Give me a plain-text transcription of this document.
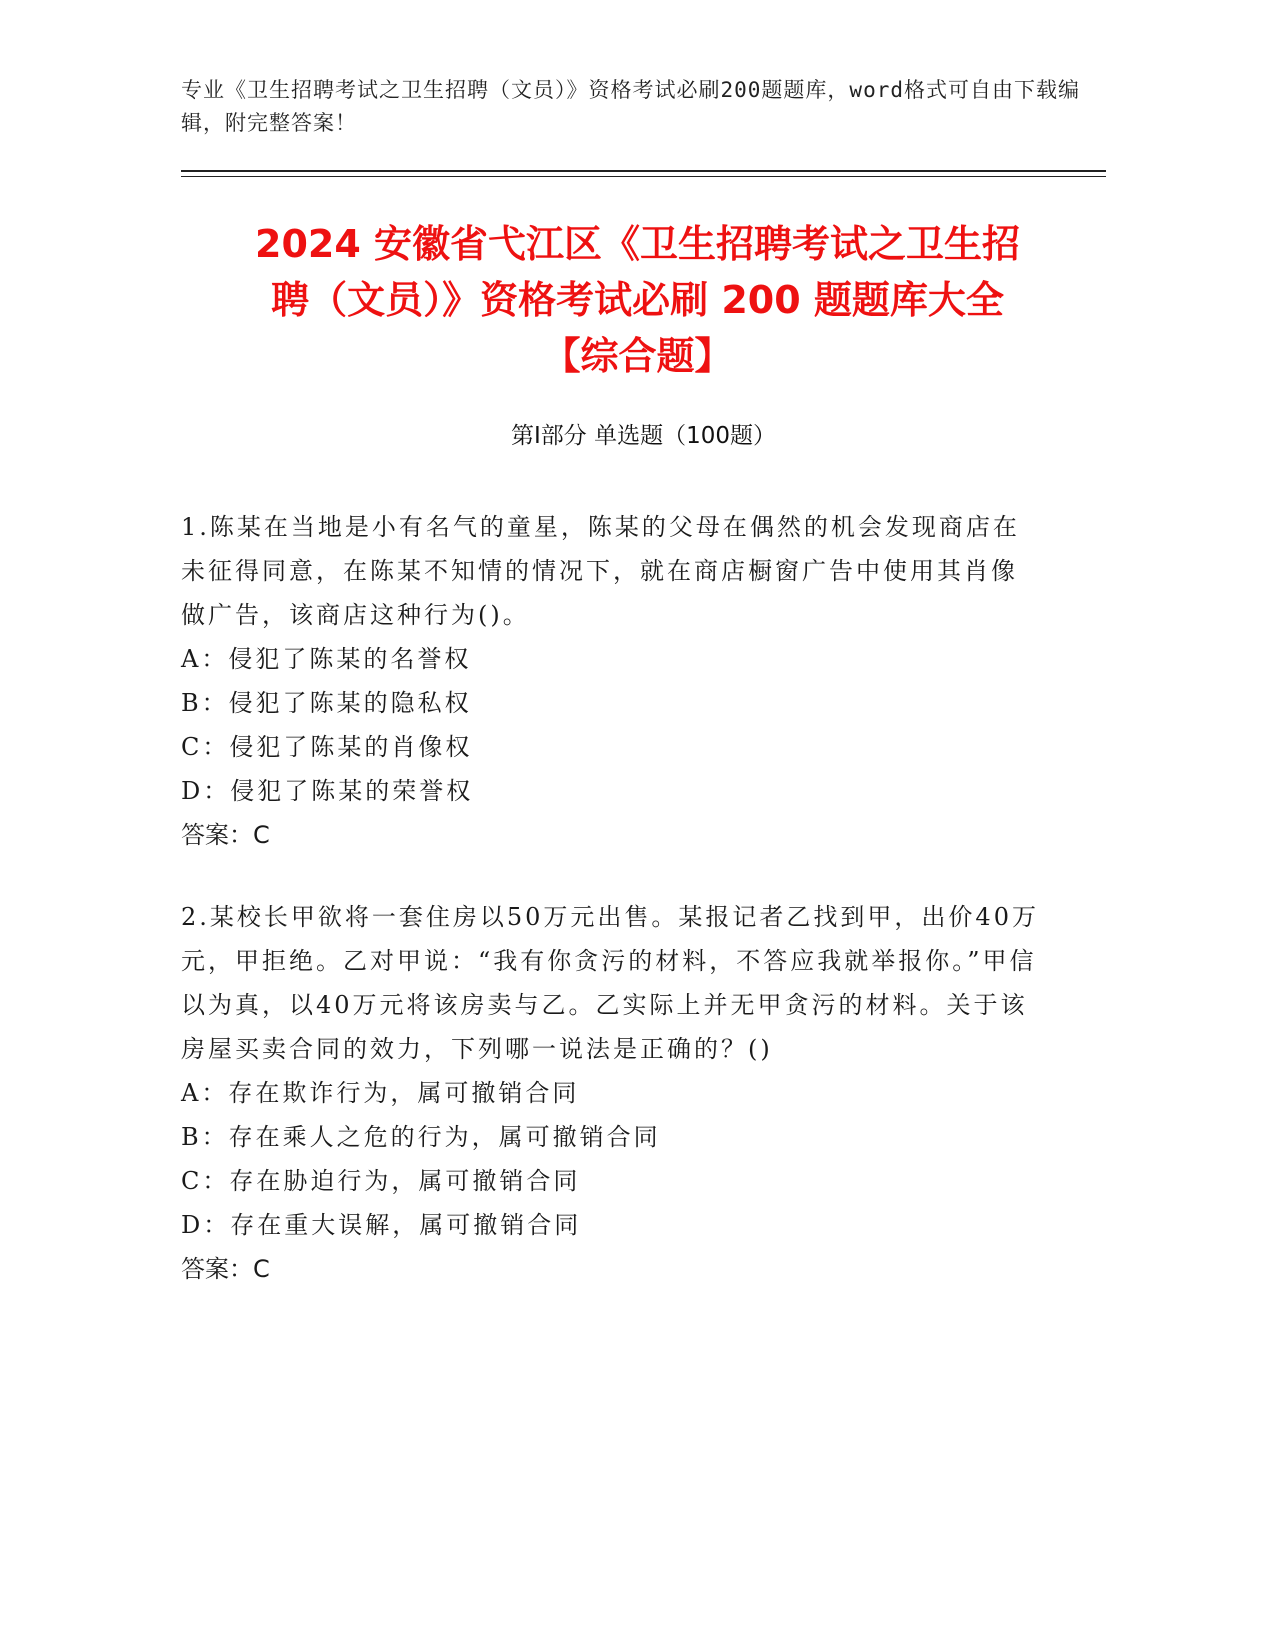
专业《卫生招聘考试之卫生招聘（文员）》资格考试必刷200题题库，word格式可自由下载编辑，附完整答案！
2024 安徽省弋江区《卫生招聘考试之卫生招
聘（文员）》资格考试必刷 200 题题库大全
【综合题】
第Ⅰ部分 单选题（100题）

1.陈某在当地是小有名气的童星，陈某的父母在偶然的机会发现商店在未征得同意，在陈某不知情的情况下，就在商店橱窗广告中使用其肖像做广告，该商店这种行为()。

A：侵犯了陈某的名誉权

B：侵犯了陈某的隐私权

C：侵犯了陈某的肖像权

D：侵犯了陈某的荣誉权

答案：C

2.某校长甲欲将一套住房以50万元出售。某报记者乙找到甲，出价40万元，甲拒绝。乙对甲说：“我有你贪污的材料，不答应我就举报你。”甲信以为真，以40万元将该房卖与乙。乙实际上并无甲贪污的材料。关于该房屋买卖合同的效力，下列哪一说法是正确的？()

A：存在欺诈行为，属可撤销合同

B：存在乘人之危的行为，属可撤销合同

C：存在胁迫行为，属可撤销合同

D：存在重大误解，属可撤销合同

答案：C
